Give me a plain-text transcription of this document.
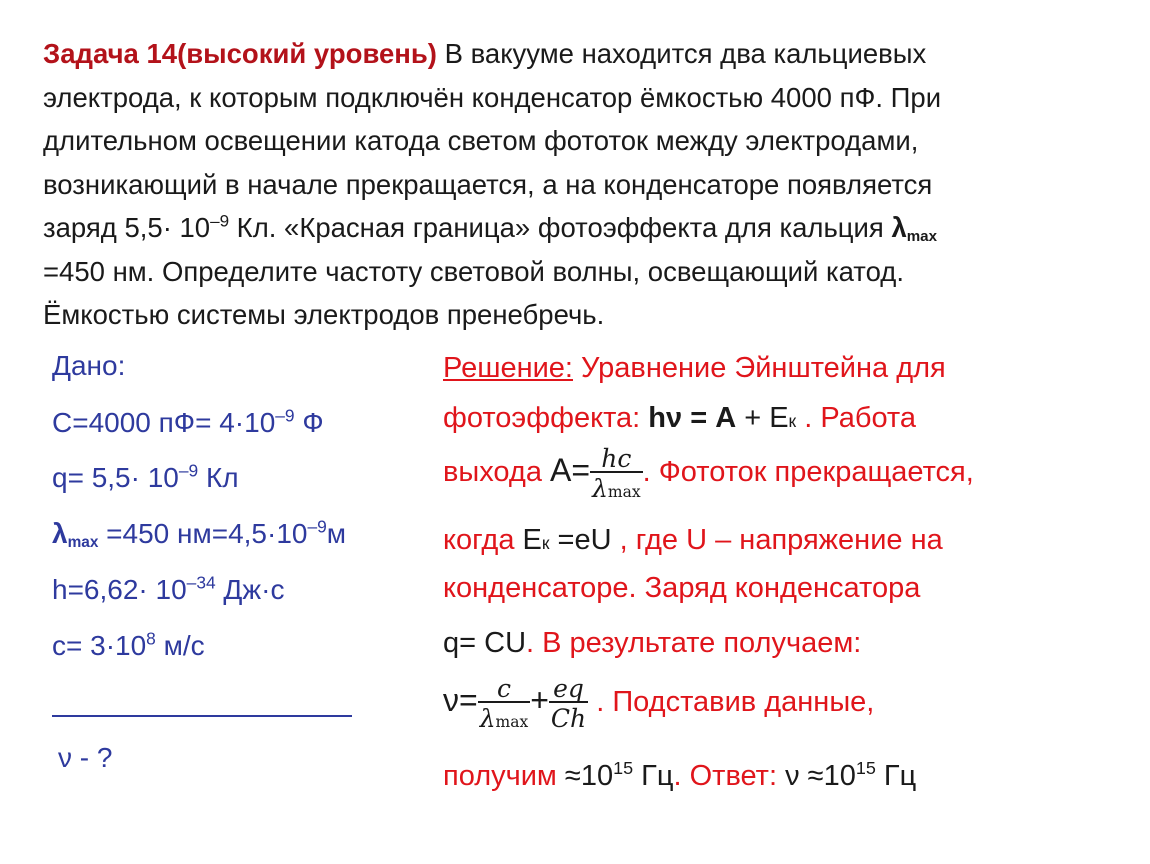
Задача 14(высокий уровень) В вакууме находится два кальциевых
электрода, к которым подключён конденсатор ёмкостью 4000 пФ. При
длительном освещении катода светом фототок между электродами,
возникающий в начале прекращается, а на конденсаторе появляется
заряд $5,5\cdot 10^{-9}$ Кл. «Красная граница» фотоэффекта для кальция $\lambda_{max}$
=450 нм. Определите частоту световой волны, освещающий катод.
Ёмкостью системы электродов пренебречь.
Дано:
C=4000 $пФ= 4\cdot 10^{-9}$ Ф
$q= 5,5\cdot 10^{-9}$ Кл
$\lambda_{max} =450$ $нм=4,5\cdot 10^{-9}м$
$h=6,62\cdot 10^{-34}$ Дж·с
$c= 3\cdot 10^8$ м/с
ν - ?
Решение: Уравнение Эйнштейна для
фотоэффекта: hν = A + Eк . Работа
выхода $A= \frac{hc}{\lambda\max}$ . Фототок прекращается,
когда Eк =eU , где U – напряжение на
конденсаторе. Заряд конденсатора
q= CU. В результате получаем:
$\nu= \frac{c}{\lambda\max} + \frac{eq}{Ch}$ . Подставив данные,
получим $\approx 10^{15}$ Гц. Ответ: $\nu \approx 10^{15}$ Гц
